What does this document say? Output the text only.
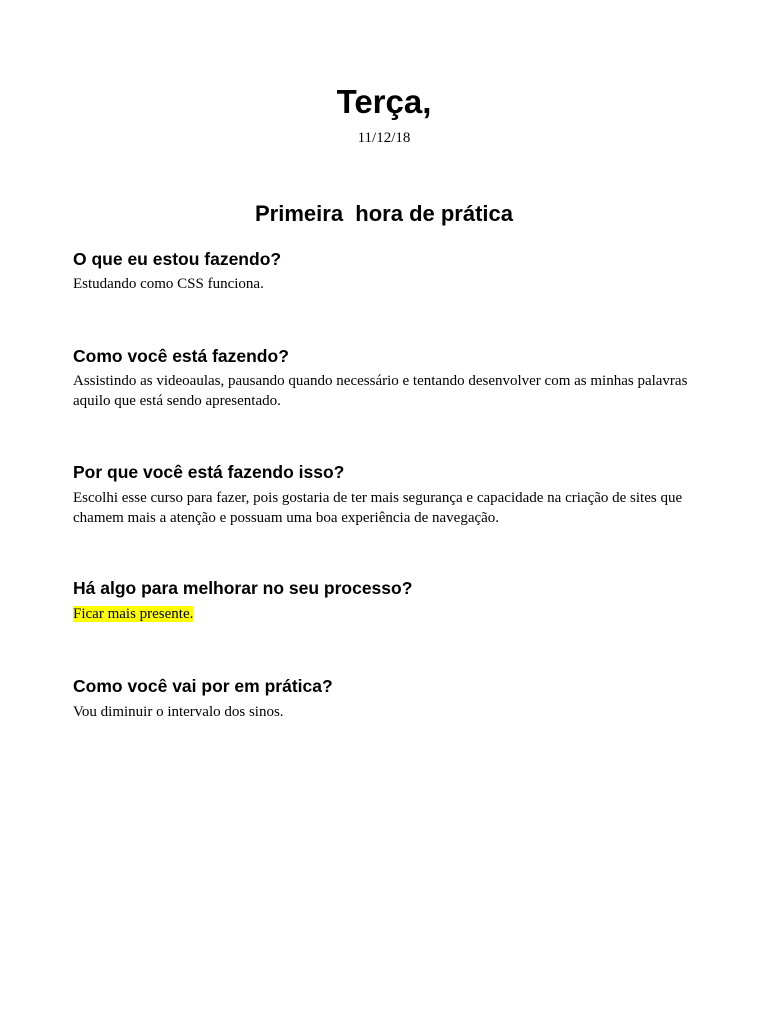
Terça,

11/12/18

Primeira  hora de prática
O que eu estou fazendo?

Estudando como CSS funciona.

Como você está fazendo?

Assistindo as videoaulas, pausando quando necessário e tentando desenvolver com as minhas palavras aquilo que está sendo apresentado.

Por que você está fazendo isso?

Escolhi esse curso para fazer, pois gostaria de ter mais segurança e capacidade na criação de sites que chamem mais a atenção e possuam uma boa experiência de navegação.

Há algo para melhorar no seu processo?

Ficar mais presente.

Como você vai por em prática?

Vou diminuir o intervalo dos sinos.
